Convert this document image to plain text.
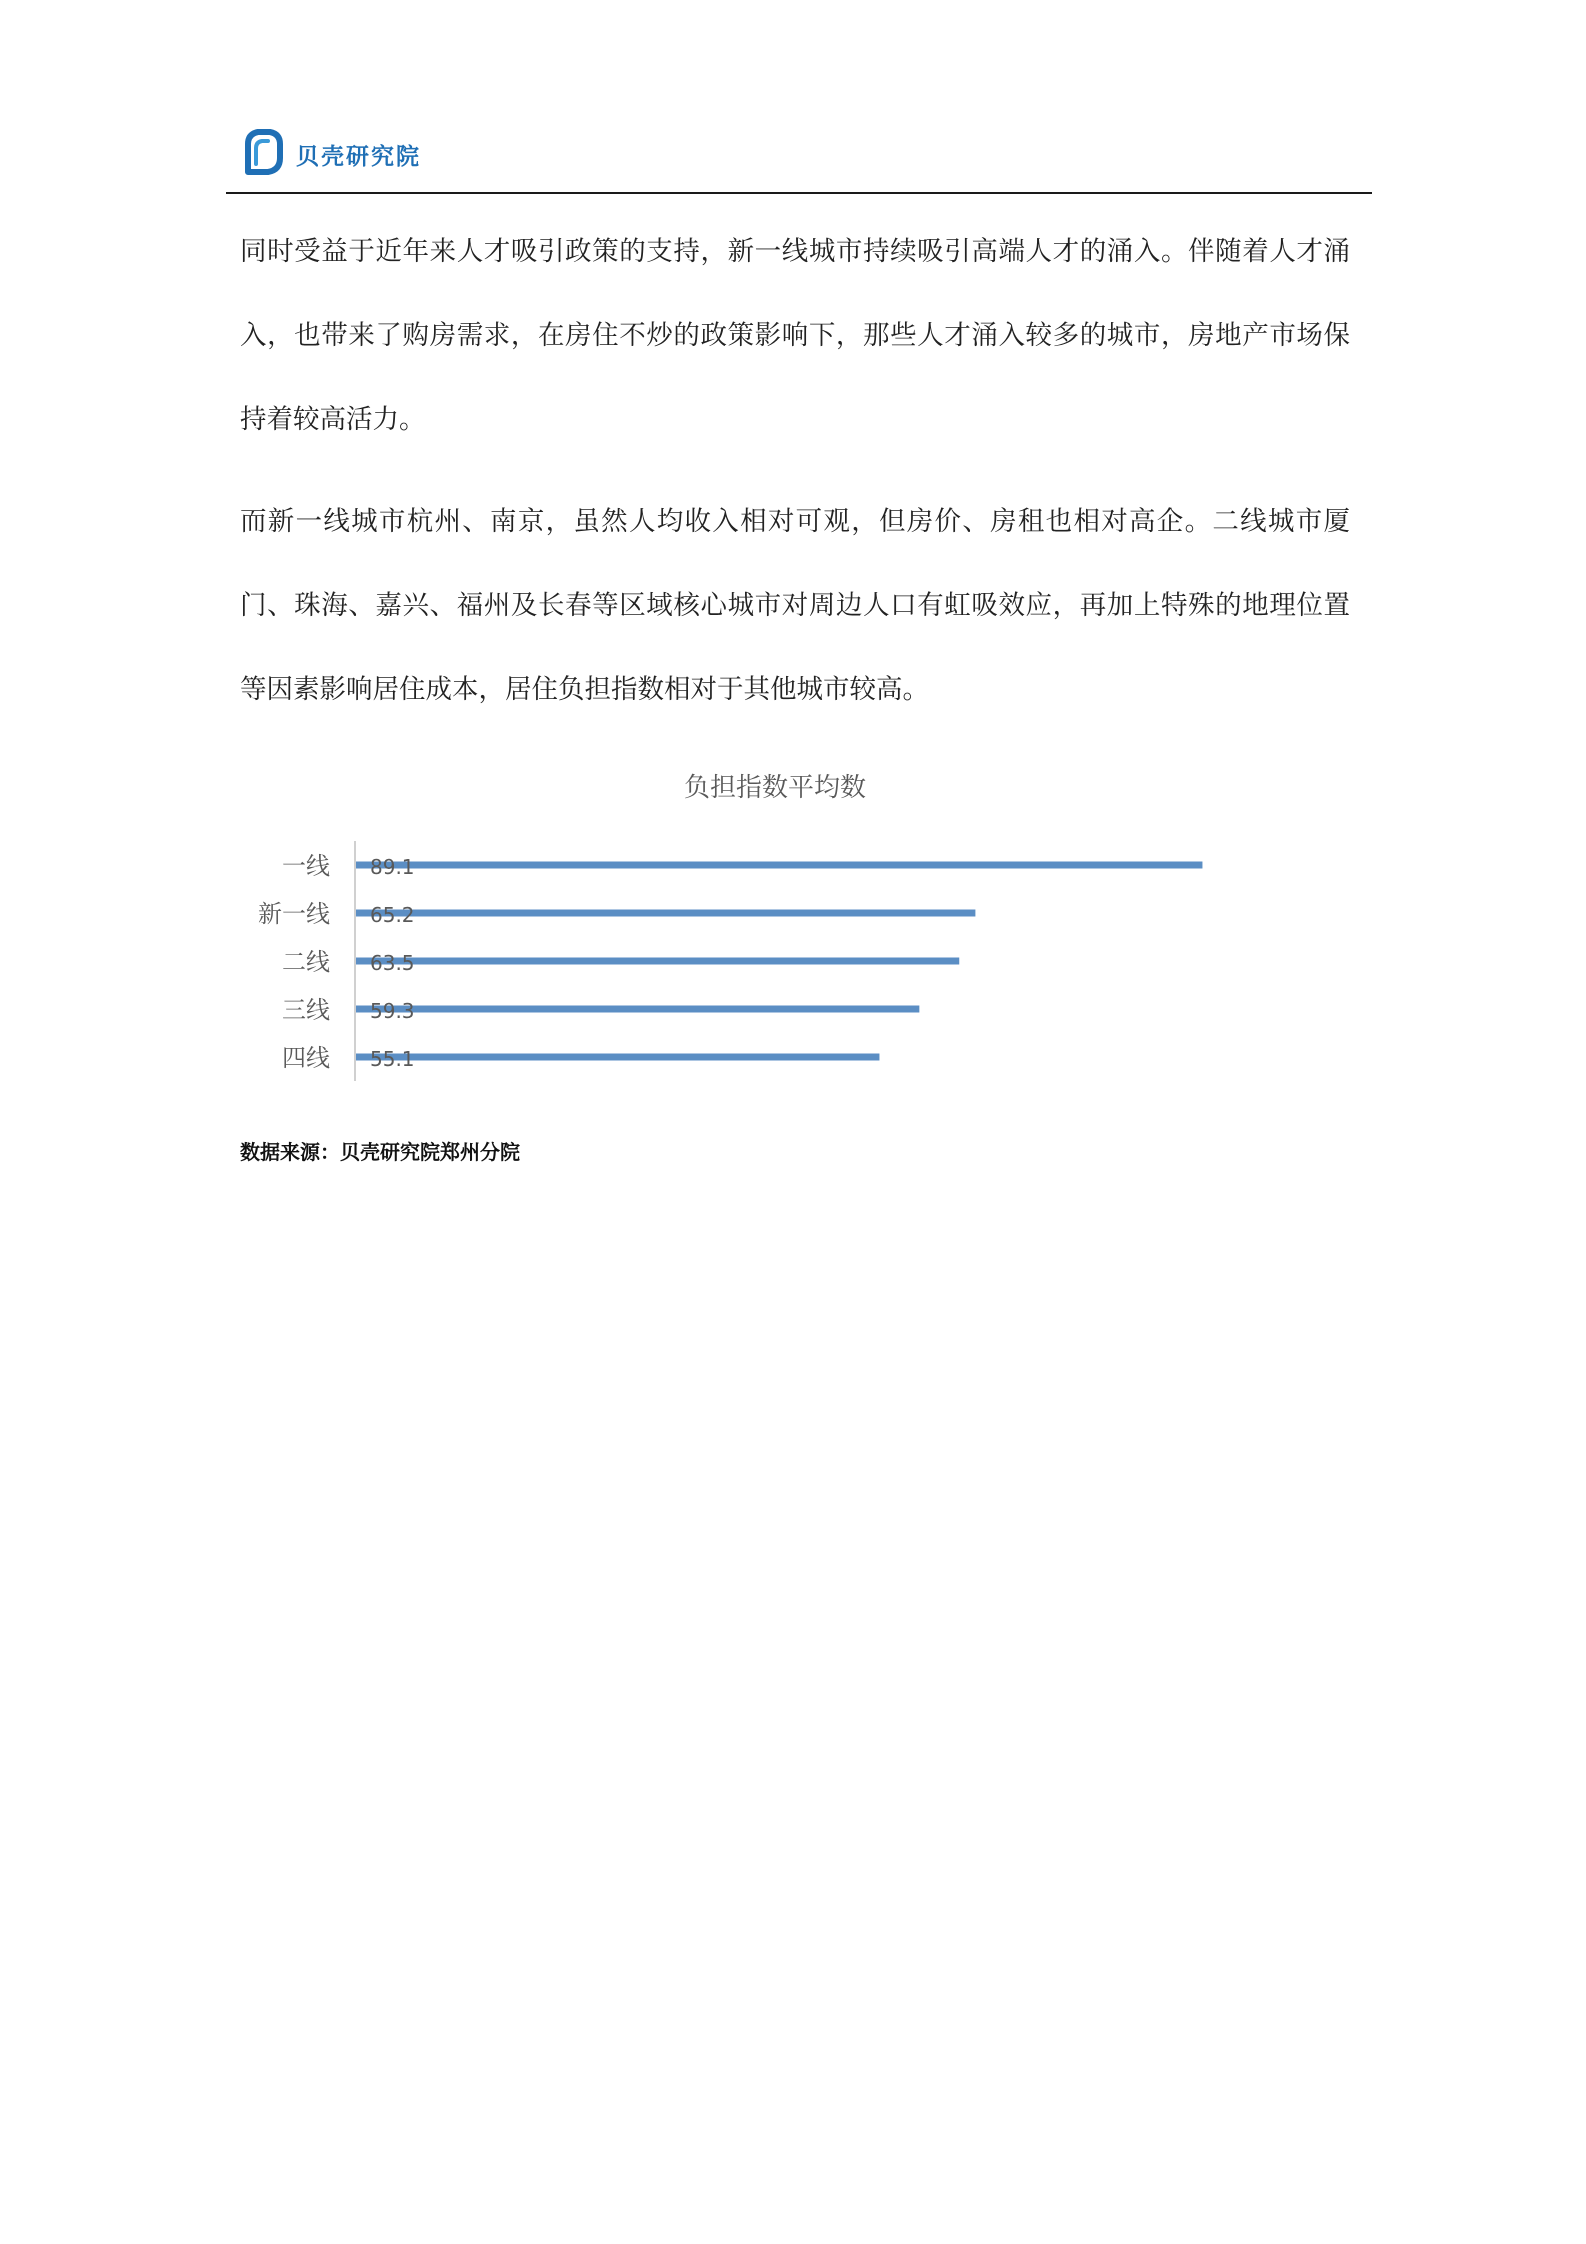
贝壳研究院

同时受益于近年来人才吸引政策的支持，新一线城市持续吸引高端人才的涌入。伴随着人才涌入，也带来了购房需求，在房住不炒的政策影响下，那些人才涌入较多的城市，房地产市场保持着较高活力。

而新一线城市杭州、南京，虽然人均收入相对可观，但房价、房租也相对高企。二线城市厦门、珠海、嘉兴、福州及长春等区域核心城市对周边人口有虹吸效应，再加上特殊的地理位置等因素影响居住成本，居住负担指数相对于其他城市较高。

负担指数平均数
一线 89.1
新一线 65.2
二线 63.5
三线 59.3
四线 55.1
数据来源：贝壳研究院郑州分院
